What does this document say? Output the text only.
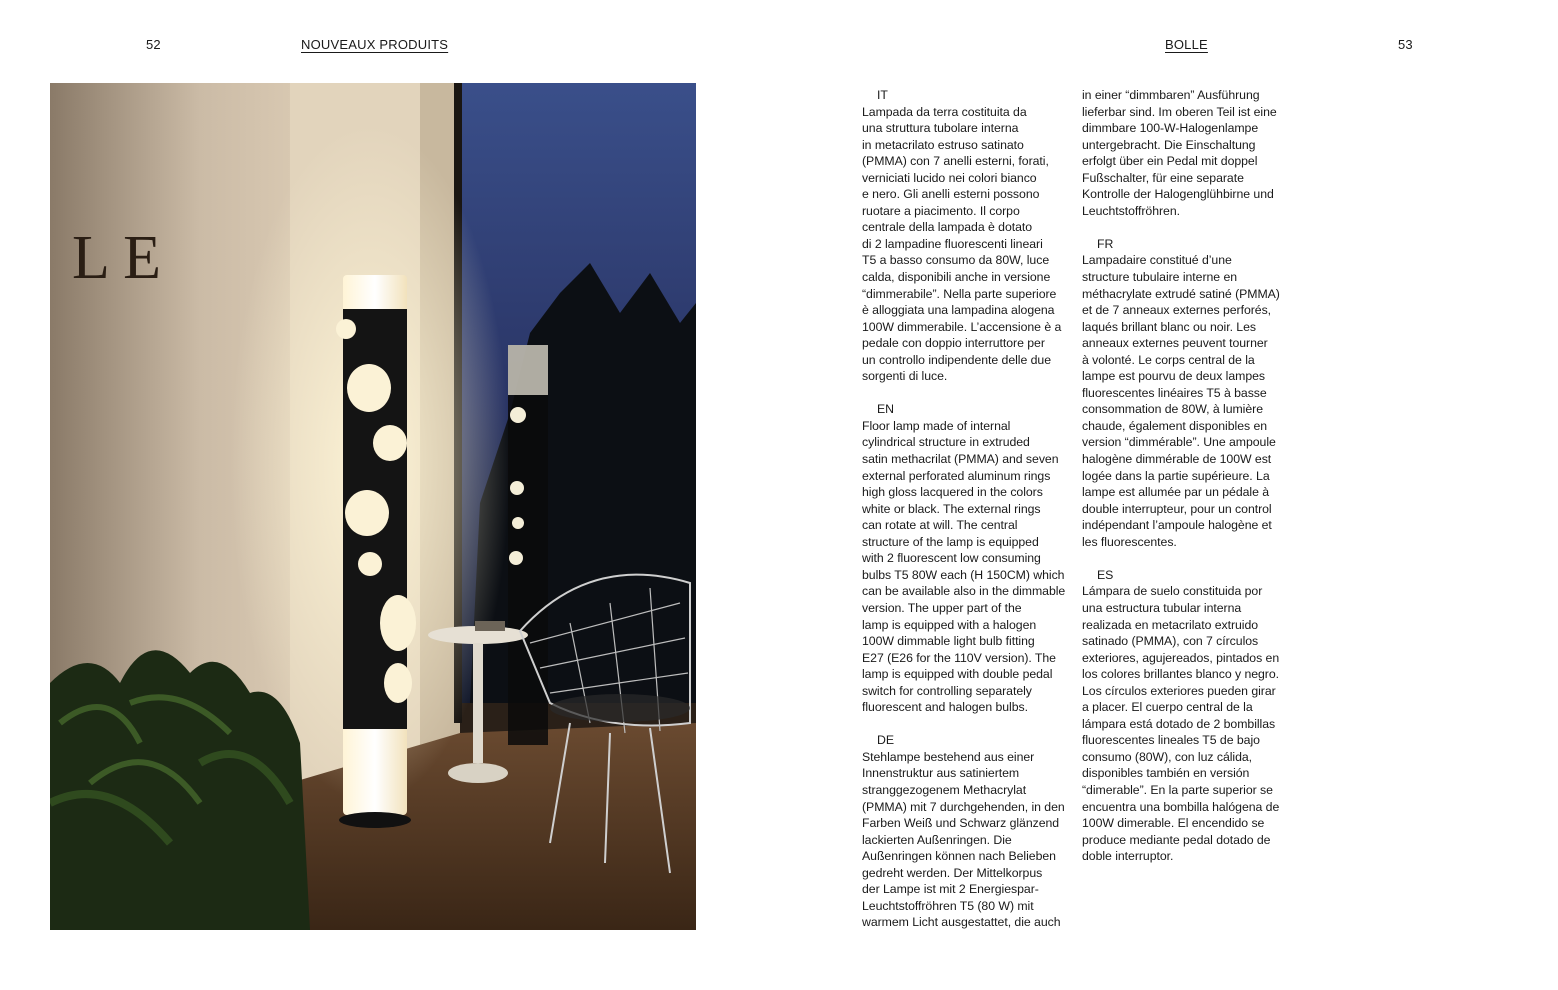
52	NOUVEAUX PRODUITS	BOLLE	53
L E
IT
Lampada da terra costituita da
una struttura tubolare interna
in metacrilato estruso satinato
(PMMA) con 7 anelli esterni, forati,
verniciati lucido nei colori bianco
e nero. Gli anelli esterni possono
ruotare a piacimento. Il corpo
centrale della lampada è dotato
di 2 lampadine fluorescenti lineari
T5 a basso consumo da 80W, luce
calda, disponibili anche in versione
“dimmerabile”. Nella parte superiore
è alloggiata una lampadina alogena
100W dimmerabile. L’accensione è a
pedale con doppio interruttore per
un controllo indipendente delle due
sorgenti di luce.
EN
Floor lamp made of internal
cylindrical structure in extruded
satin methacrilat (PMMA) and seven
external perforated aluminum rings
high gloss lacquered in the colors
white or black. The external rings
can rotate at will. The central
structure of the lamp is equipped
with 2 fluorescent low consuming
bulbs T5 80W each (H 150CM) which
can be available also in the dimmable
version. The upper part of the
lamp is equipped with a halogen
100W dimmable light bulb fitting
E27 (E26 for the 110V version). The
lamp is equipped with double pedal
switch for controlling separately
fluorescent and halogen bulbs.
DE
Stehlampe bestehend aus einer
Innenstruktur aus satiniertem
stranggezogenem Methacrylat
(PMMA) mit 7 durchgehenden, in den
Farben Weiß und Schwarz glänzend
lackierten Außenringen. Die
Außenringen können nach Belieben
gedreht werden. Der Mittelkorpus
der Lampe ist mit 2 Energiespar-
Leuchtstoffröhren T5 (80 W) mit
warmem Licht ausgestattet, die auch
in einer “dimmbaren” Ausführung
lieferbar sind. Im oberen Teil ist eine
dimmbare 100-W-Halogenlampe
untergebracht. Die Einschaltung
erfolgt über ein Pedal mit doppel
Fußschalter, für eine separate
Kontrolle der Halogenglühbirne und
Leuchtstoffröhren.
FR
Lampadaire constitué d’une
structure tubulaire interne en
méthacrylate extrudé satiné (PMMA)
et de 7 anneaux externes perforés,
laqués brillant blanc ou noir. Les
anneaux externes peuvent tourner
à volonté. Le corps central de la
lampe est pourvu de deux lampes
fluorescentes linéaires T5 à basse
consommation de 80W, à lumière
chaude, également disponibles en
version “dimmérable”. Une ampoule
halogène dimmérable de 100W est
logée dans la partie supérieure. La
lampe est allumée par un pédale à
double interrupteur, pour un control
indépendant l’ampoule halogène et
les fluorescentes.
ES
Lámpara de suelo constituida por
una estructura tubular interna
realizada en metacrilato extruido
satinado (PMMA), con 7 círculos
exteriores, agujereados, pintados en
los colores brillantes blanco y negro.
Los círculos exteriores pueden girar
a placer. El cuerpo central de la
lámpara está dotado de 2 bombillas
fluorescentes lineales T5 de bajo
consumo (80W), con luz cálida,
disponibles también en versión
“dimerable”. En la parte superior se
encuentra una bombilla halógena de
100W dimerable. El encendido se
produce mediante pedal dotado de
doble interruptor.
